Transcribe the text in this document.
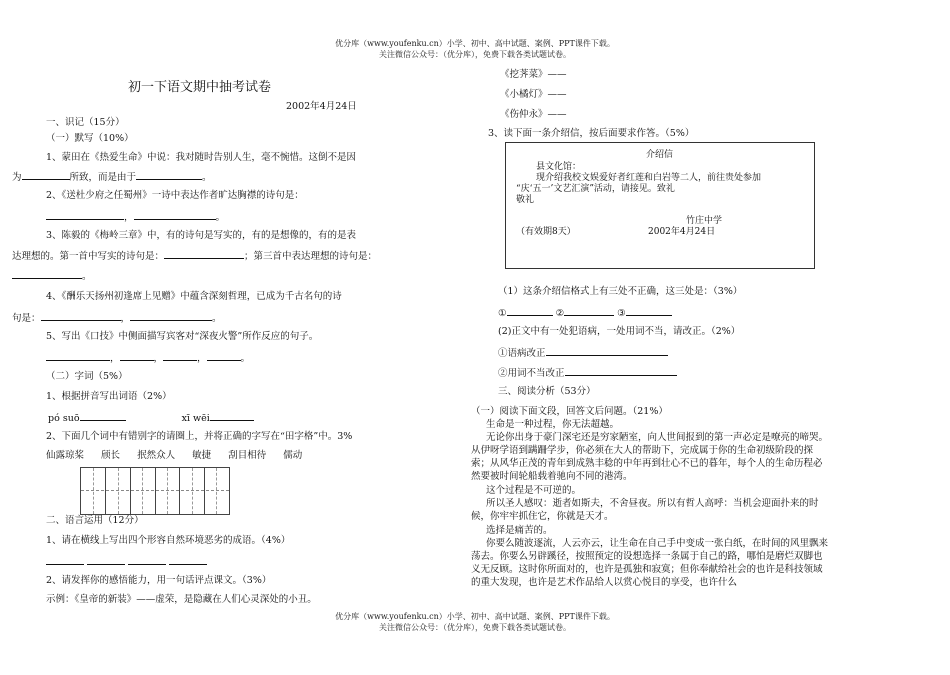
优分库（www.youfenku.cn）小学、初中、高中试题、案例、PPT课件下载。
关注微信公众号：（优分库），免费下载各类试题试卷。
初一下语文期中抽考试卷
2002年4月24日
一、识记（15分）
（一）默写（10%）
1、蒙田在《热爱生命》中说：我对随时告别人生，毫不惋惜。这倒不是因
为	所致，而是由于	。
2、《送杜少府之任蜀州》一诗中表达作者旷达胸襟的诗句是：
，	。
3、陈毅的《梅岭三章》中，有的诗句是写实的，有的是想像的，有的是表
达理想的。第一首中写实的诗句是：	；第三首中表达理想的诗句是：
。
4、《酬乐天扬州初逢席上见赠》中蕴含深刻哲理，已成为千古名句的诗
句是：	，	。
5、写出《口技》中侧面描写宾客对“深夜火警”所作反应的句子。
，	，	，	。
（二）字词（5%）
1、根据拼音写出词语（2%）
pó suō	xī wēi
2、下面几个词中有错别字的请圈上，并将正确的字写在“田字格”中。3%
仙露琼桨 颀长 抿然众人 敏捷 刮目相待 儒动
二、语言运用（12分）
1、请在横线上写出四个形容自然环境恶劣的成语。（4%）

2、请发挥你的感悟能力，用一句话评点课文。（3%）
示例：《皇帝的新装》——虚荣，是隐藏在人们心灵深处的小丑。
《挖荠菜》——
《小橘灯》——
《伤仲永》——
3、读下面一条介绍信，按后面要求作答。（5%）
介绍信
县文化馆：
现介绍我校文娱爱好者红莲和白岩等二人，前往贵处参加
“庆‘五一’文艺汇演”活动，请接见。致礼
敬礼
竹庄中学
（有效期8天）	2002年4月24日
（1）这条介绍信格式上有三处不正确，这三处是：（3%）
①	②	③
(2)正文中有一处犯语病，一处用词不当，请改正。（2%）
①语病改正
②用词不当改正
三、阅读分析（53分）
（一）阅读下面文段，回答文后问题。（21%）
生命是一种过程，你无法超越。
无论你出身于豪门深宅还是穷家陋室，向人世间报到的第一声必定是嘹亮的啼哭。从伊呀学语到蹒跚学步，你必须在大人的帮助下，完成属于你的生命初级阶段的探索；从风华正茂的青年到成熟丰稔的中年再到壮心不已的暮年，每个人的生命历程必然要被时间轮船载着驰向不同的港湾。
这个过程是不可逆的。
所以圣人感叹：逝者如斯夫，不舍昼夜。所以有哲人高呼：当机会迎面扑来的时候，你牢牢抓住它，你就是天才。
选择是痛苦的。
你要么随波逐流，人云亦云，让生命在自己手中变成一张白纸，在时间的风里飘来荡去。你要么另辟蹊径，按照预定的设想选择一条属于自己的路，哪怕是磨烂双脚也义无反顾。这时你所面对的，也许是孤独和寂寞；但你奉献给社会的也许是科技领域的重大发现，也许是艺术作品给人以赏心悦目的享受，也许什么
优分库（www.youfenku.cn）小学、初中、高中试题、案例、PPT课件下载。
关注微信公众号：（优分库），免费下载各类试题试卷。
